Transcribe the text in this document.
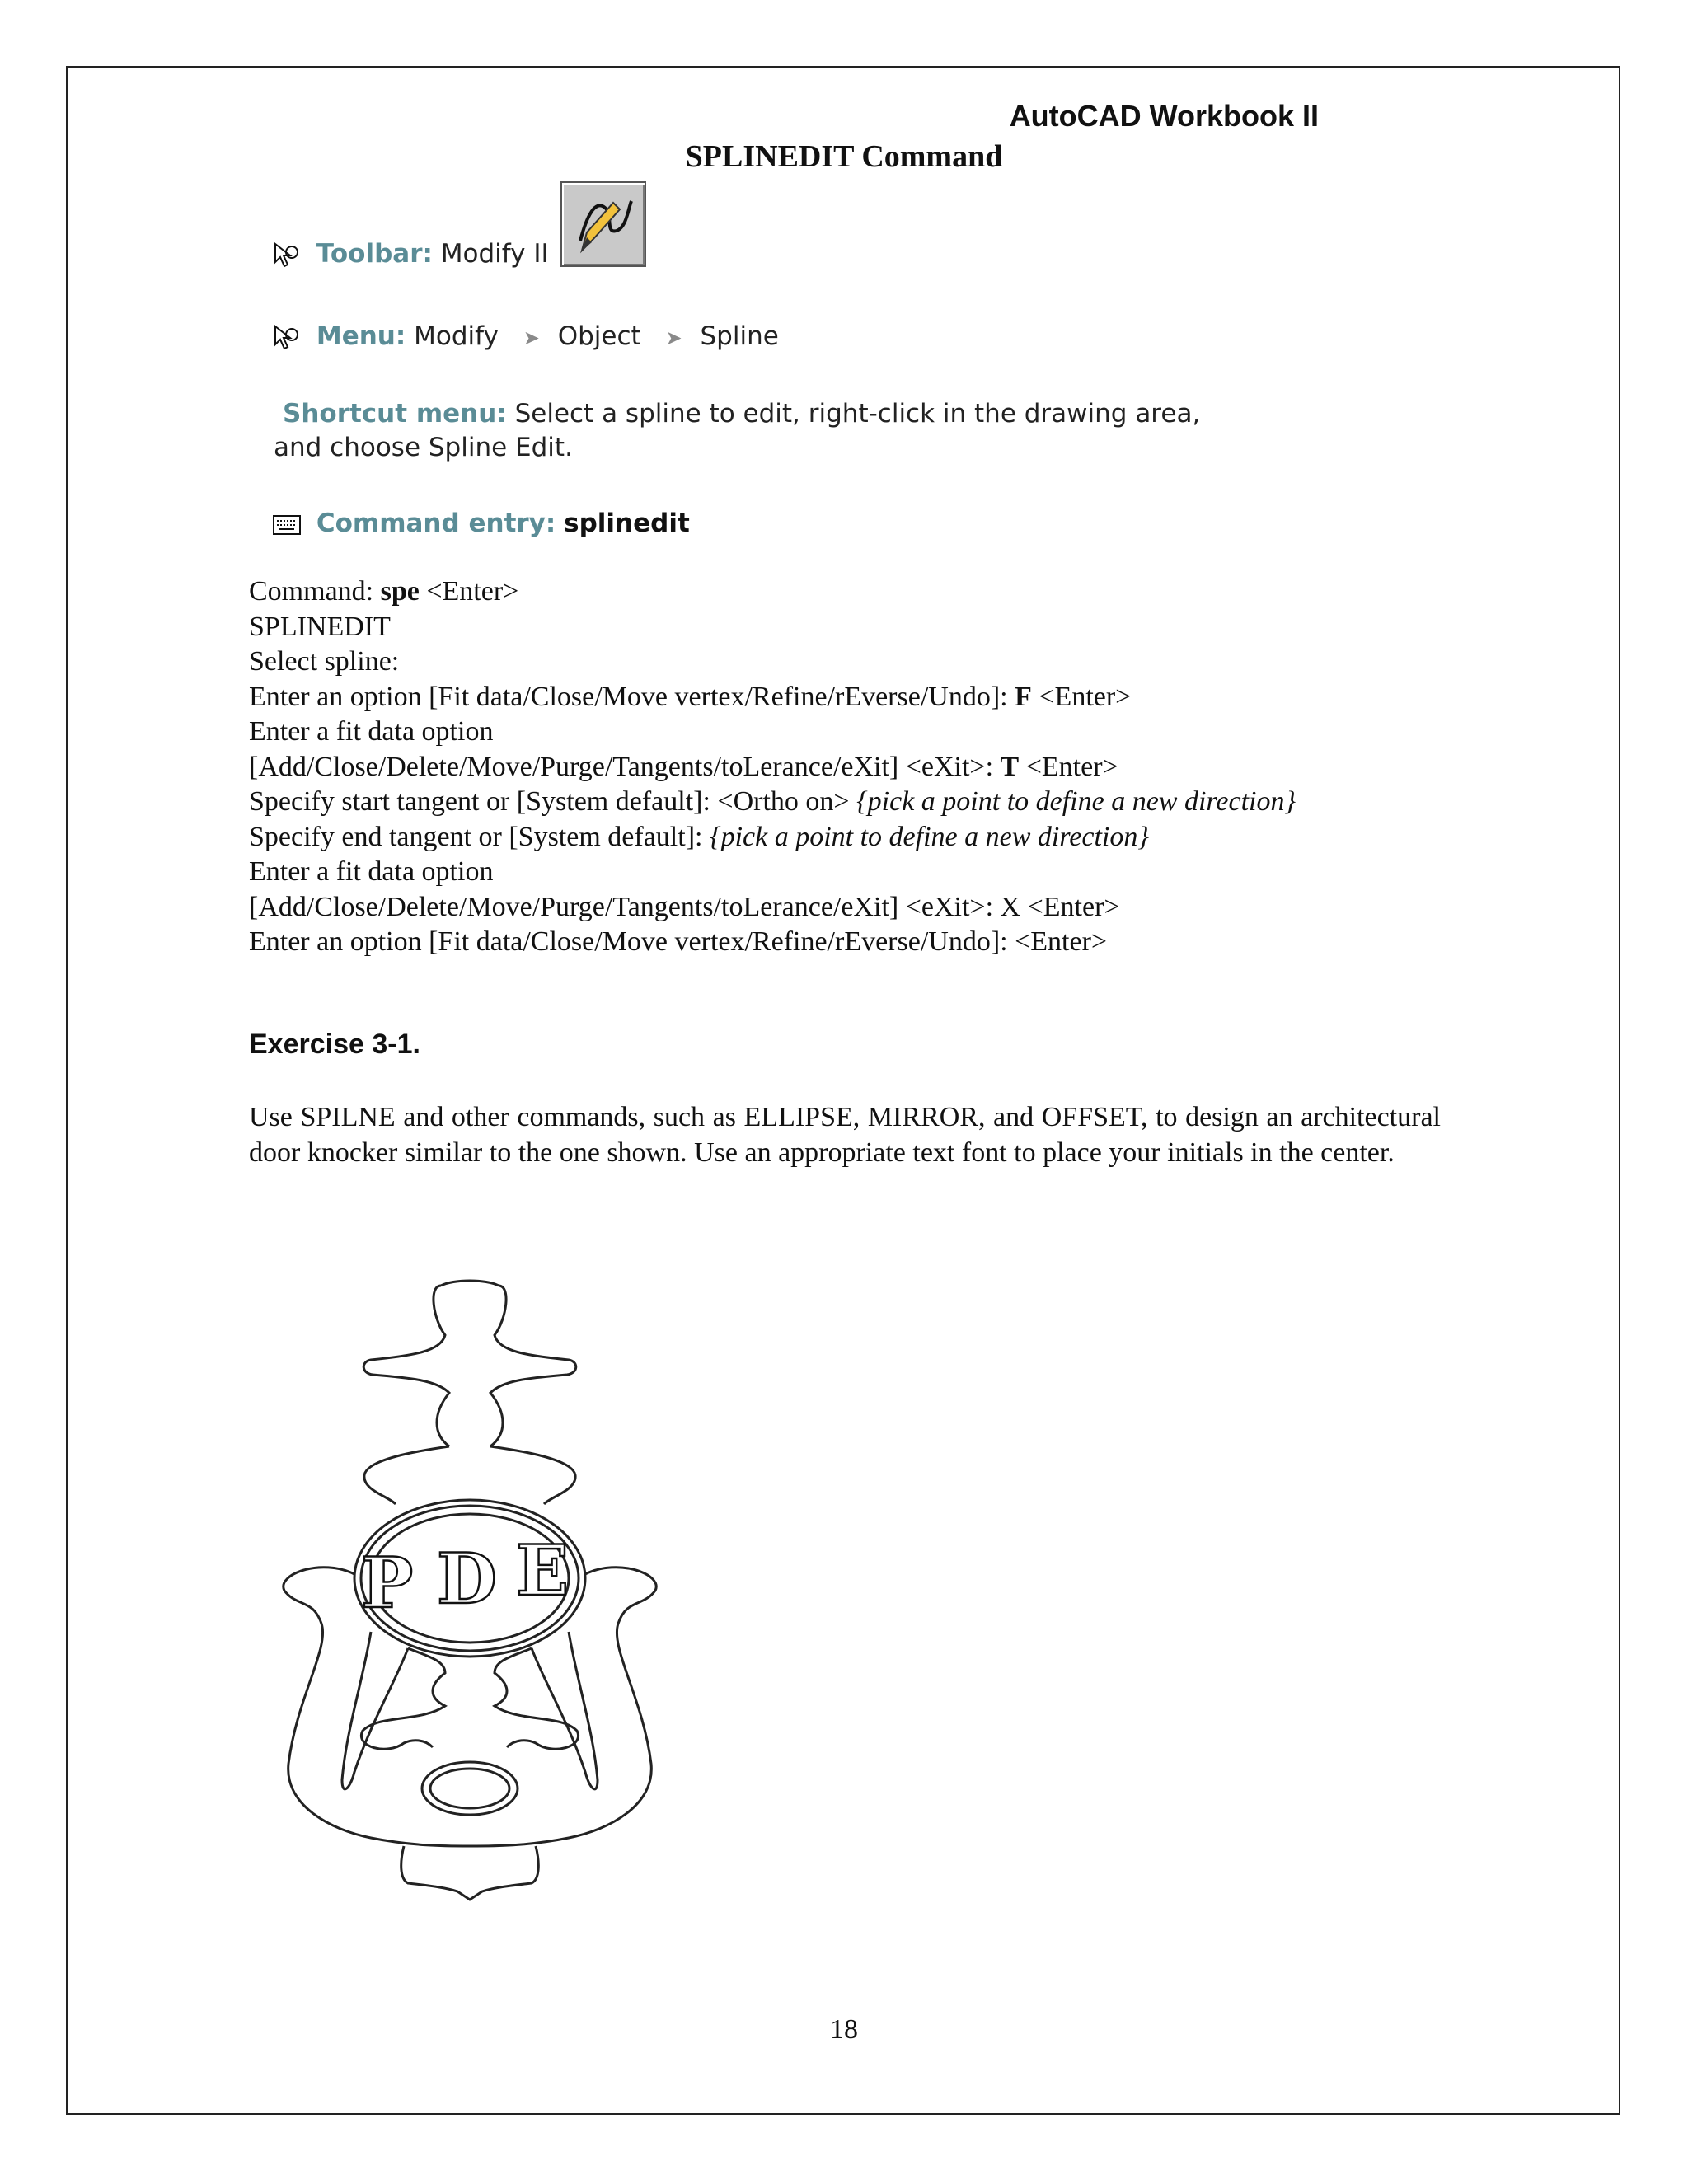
AutoCAD Workbook II
SPLINEDIT Command
Toolbar: Modify II
Menu: Modify ➤ Object ➤ Spline
Shortcut menu: Select a spline to edit, right-click in the drawing area,
and choose Spline Edit.
Command entry: splinedit
Command: spe <Enter>
SPLINEDIT
Select spline:
Enter an option [Fit data/Close/Move vertex/Refine/rEverse/Undo]: F <Enter>
Enter a fit data option
[Add/Close/Delete/Move/Purge/Tangents/toLerance/eXit] <eXit>: T <Enter>
Specify start tangent or [System default]: <Ortho on> {pick a point to define a new direction}
Specify end tangent or [System default]: {pick a point to define a new direction}
Enter a fit data option
[Add/Close/Delete/Move/Purge/Tangents/toLerance/eXit] <eXit>: X <Enter>
Enter an option [Fit data/Close/Move vertex/Refine/rEverse/Undo]: <Enter>
Exercise 3-1.
Use SPILNE and other commands, such as ELLIPSE, MIRROR, and OFFSET, to design an architectural door knocker similar to the one shown. Use an appropriate text font to place your initials in the center.
P D E
18
